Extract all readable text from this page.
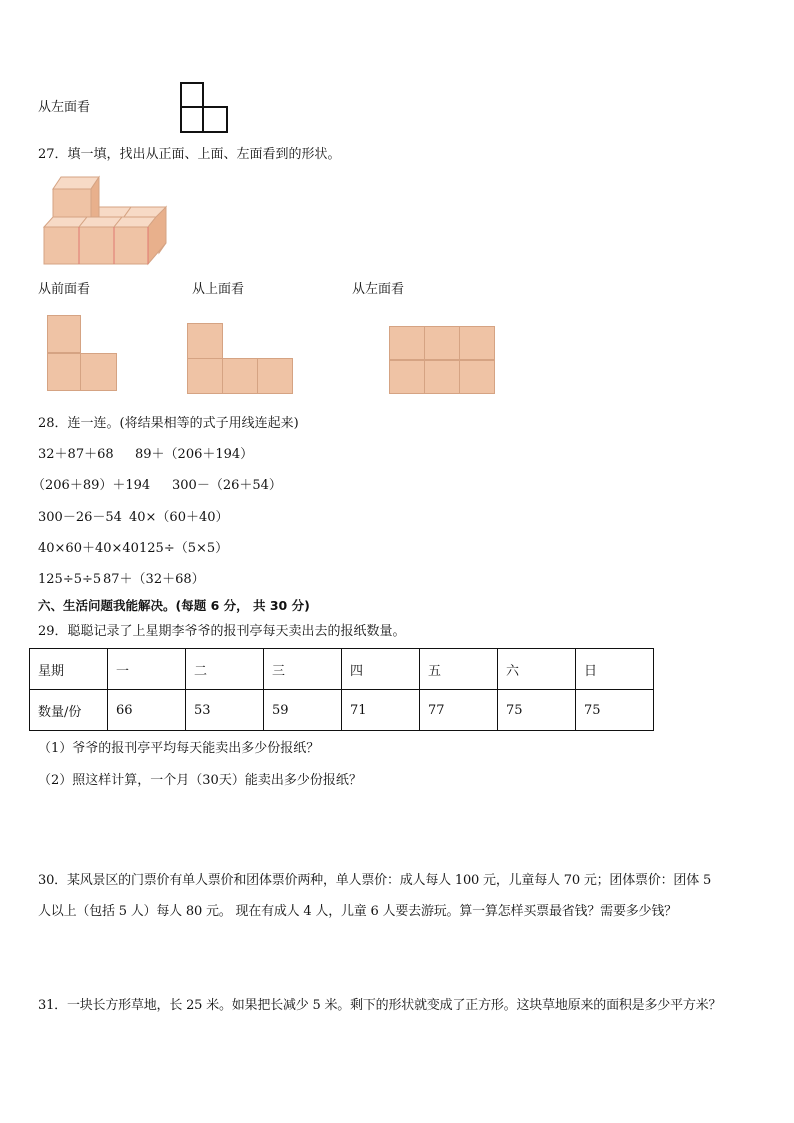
从左面看
27．填一填，找出从正面、上面、左面看到的形状。
从前面看	从上面看	从左面看
28．连一连。(将结果相等的式子用线连起来)
32＋87＋68 89＋（206＋194）
（206＋89）＋194 300－（26＋54）
300－26－54 40×（60＋40）
40×60＋40×40 125÷（5×5）
125÷5÷5 87＋（32＋68）
六、生活问题我能解决。(每题 6 分， 共 30 分)
29．聪聪记录了上星期李爷爷的报刊亭每天卖出去的报纸数量。
星期	一	二	三	四	五	六	日
数量/份	66	53	59	71	77	75	75
（1）爷爷的报刊亭平均每天能卖出多少份报纸？
（2）照这样计算，一个月（30天）能卖出多少份报纸？
30．某风景区的门票价有单人票价和团体票价两种，单人票价：成人每人 100 元，儿童每人 70 元；团体票价：团体 5
人以上（包括 5 人）每人 80 元。 现在有成人 4 人，儿童 6 人要去游玩。算一算怎样买票最省钱？需要多少钱？
31．一块长方形草地，长 25 米。如果把长减少 5 米。剩下的形状就变成了正方形。这块草地原来的面积是多少平方米？
